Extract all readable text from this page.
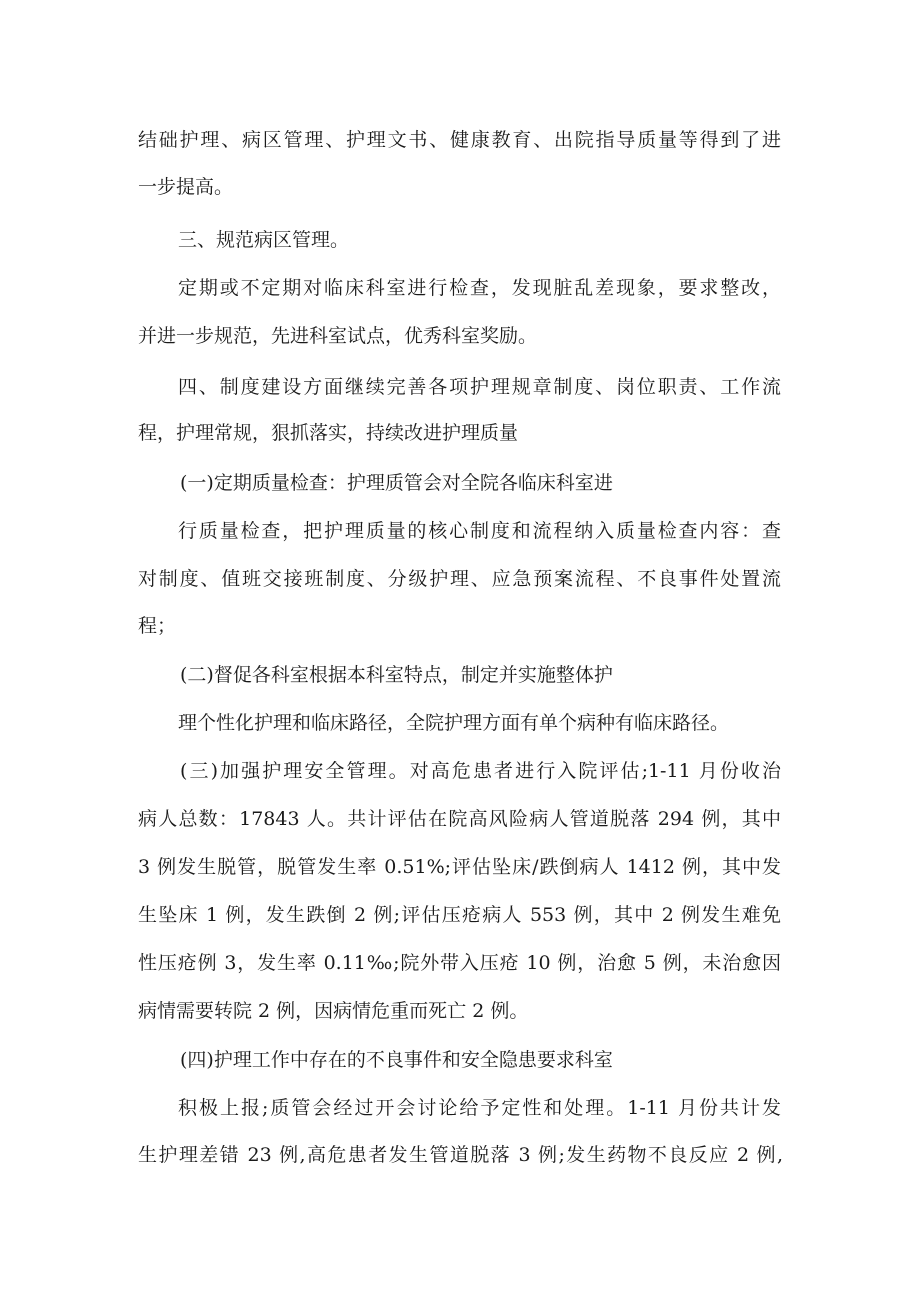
结础护理、病区管理、护理文书、健康教育、出院指导质量等得到了进
一步提高。
三、规范病区管理。
定期或不定期对临床科室进行检查，发现脏乱差现象，要求整改，
并进一步规范，先进科室试点，优秀科室奖励。
四、制度建设方面继续完善各项护理规章制度、岗位职责、工作流
程，护理常规，狠抓落实，持续改进护理质量
(一)定期质量检查：护理质管会对全院各临床科室进
行质量检查，把护理质量的核心制度和流程纳入质量检查内容：查
对制度、值班交接班制度、分级护理、应急预案流程、不良事件处置流
程；
(二)督促各科室根据本科室特点，制定并实施整体护
理个性化护理和临床路径，全院护理方面有单个病种有临床路径。
(三)加强护理安全管理。对高危患者进行入院评估;1-11 月份收治
病人总数：17843 人。共计评估在院高风险病人管道脱落 294 例，其中
3 例发生脱管，脱管发生率 0.51%;评估坠床/跌倒病人 1412 例，其中发
生坠床 1 例，发生跌倒 2 例;评估压疮病人 553 例，其中 2 例发生难免
性压疮例 3，发生率 0.11‰;院外带入压疮 10 例，治愈 5 例，未治愈因
病情需要转院 2 例，因病情危重而死亡 2 例。
(四)护理工作中存在的不良事件和安全隐患要求科室
积极上报;质管会经过开会讨论给予定性和处理。1-11 月份共计发
生护理差错 23 例,高危患者发生管道脱落 3 例;发生药物不良反应 2 例,
